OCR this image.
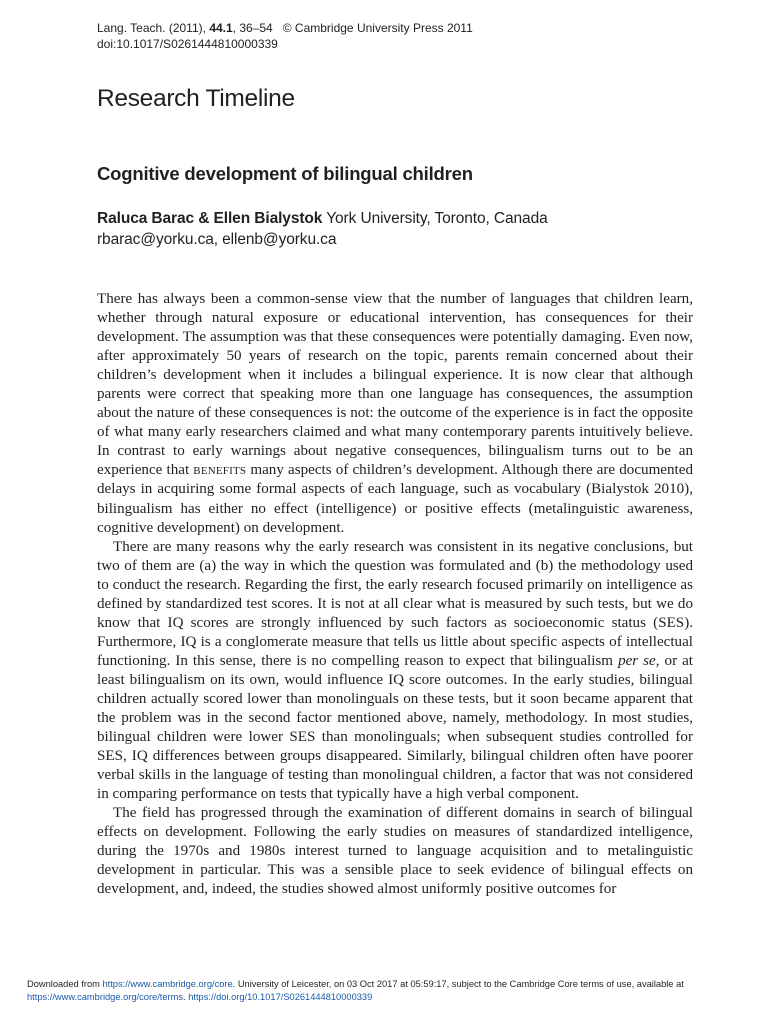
Lang. Teach. (2011), 44.1, 36–54 © Cambridge University Press 2011
doi:10.1017/S0261444810000339
Research Timeline
Cognitive development of bilingual children
Raluca Barac & Ellen Bialystok York University, Toronto, Canada
rbarac@yorku.ca, ellenb@yorku.ca

There has always been a common-sense view that the number of languages that children learn, whether through natural exposure or educational intervention, has consequences for their development. The assumption was that these consequences were potentially damaging. Even now, after approximately 50 years of research on the topic, parents remain concerned about their children’s development when it includes a bilingual experience. It is now clear that although parents were correct that speaking more than one language has consequences, the assumption about the nature of these consequences is not: the outcome of the experience is in fact the opposite of what many early researchers claimed and what many contemporary parents intuitively believe. In contrast to early warnings about negative consequences, bilingualism turns out to be an experience that benefits many aspects of children’s development. Although there are documented delays in acquiring some formal aspects of each language, such as vocabulary (Bialystok 2010), bilingualism has either no effect (intelligence) or positive effects (metalinguistic awareness, cognitive development) on development.

There are many reasons why the early research was consistent in its negative conclusions, but two of them are (a) the way in which the question was formulated and (b) the methodology used to conduct the research. Regarding the first, the early research focused primarily on intelligence as defined by standardized test scores. It is not at all clear what is measured by such tests, but we do know that IQ scores are strongly influenced by such factors as socioeconomic status (SES). Furthermore, IQ is a conglomerate measure that tells us little about specific aspects of intellectual functioning. In this sense, there is no compelling reason to expect that bilingualism per se, or at least bilingualism on its own, would influence IQ score outcomes. In the early studies, bilingual children actually scored lower than monolinguals on these tests, but it soon became apparent that the problem was in the second factor mentioned above, namely, methodology. In most studies, bilingual children were lower SES than monolinguals; when subsequent studies controlled for SES, IQ differences between groups disappeared. Similarly, bilingual children often have poorer verbal skills in the language of testing than monolingual children, a factor that was not considered in comparing performance on tests that typically have a high verbal component.

The field has progressed through the examination of different domains in search of bilingual effects on development. Following the early studies on measures of standardized intelligence, during the 1970s and 1980s interest turned to language acquisition and to metalinguistic development in particular. This was a sensible place to seek evidence of bilingual effects on development, and, indeed, the studies showed almost uniformly positive outcomes for

Downloaded from https://www.cambridge.org/core. University of Leicester, on 03 Oct 2017 at 05:59:17, subject to the Cambridge Core terms of use, available at
https://www.cambridge.org/core/terms. https://doi.org/10.1017/S0261444810000339
